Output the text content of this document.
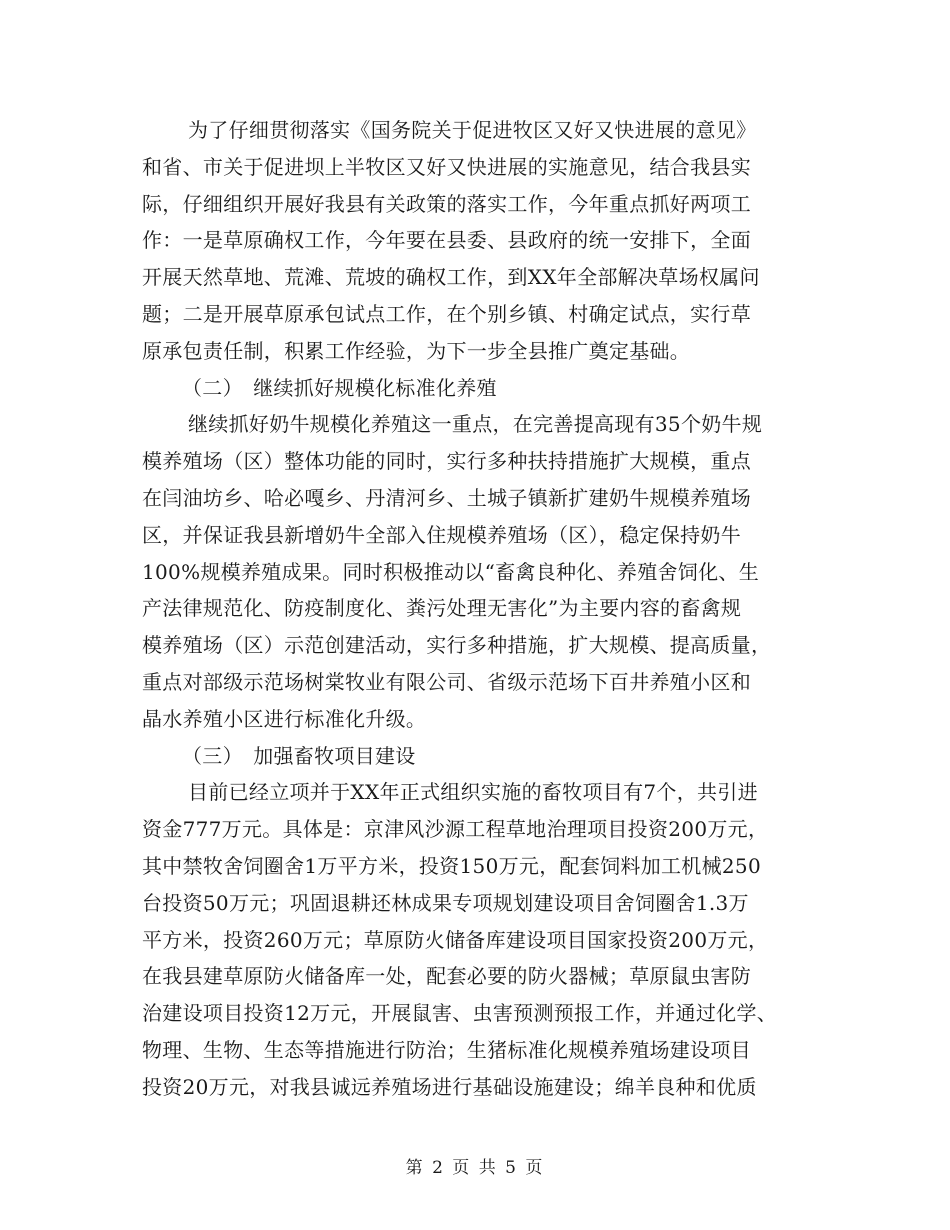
为了仔细贯彻落实《国务院关于促进牧区又好又快进展的意见》
和省、市关于促进坝上半牧区又好又快进展的实施意见，结合我县实
际，仔细组织开展好我县有关政策的落实工作，今年重点抓好两项工
作：一是草原确权工作，今年要在县委、县政府的统一安排下，全面
开展天然草地、荒滩、荒坡的确权工作，到XX年全部解决草场权属问
题；二是开展草原承包试点工作，在个别乡镇、村确定试点，实行草
原承包责任制，积累工作经验，为下一步全县推广奠定基础。
（二）　继续抓好规模化标准化养殖
继续抓好奶牛规模化养殖这一重点，在完善提高现有35个奶牛规
模养殖场（区）整体功能的同时，实行多种扶持措施扩大规模，重点
在闫油坊乡、哈必嘎乡、丹清河乡、土城子镇新扩建奶牛规模养殖场
区，并保证我县新增奶牛全部入住规模养殖场（区），稳定保持奶牛
100%规模养殖成果。同时积极推动以“畜禽良种化、养殖舍饲化、生
产法律规范化、防疫制度化、粪污处理无害化”为主要内容的畜禽规
模养殖场（区）示范创建活动，实行多种措施，扩大规模、提高质量，
重点对部级示范场树棠牧业有限公司、省级示范场下百井养殖小区和
晶水养殖小区进行标准化升级。
（三）　加强畜牧项目建设
目前已经立项并于XX年正式组织实施的畜牧项目有7个，共引进
资金777万元。具体是：京津风沙源工程草地治理项目投资200万元，
其中禁牧舍饲圈舍1万平方米，投资150万元，配套饲料加工机械250
台投资50万元；巩固退耕还林成果专项规划建设项目舍饲圈舍1.3万
平方米，投资260万元；草原防火储备库建设项目国家投资200万元，
在我县建草原防火储备库一处，配套必要的防火器械；草原鼠虫害防
治建设项目投资12万元，开展鼠害、虫害预测预报工作，并通过化学、
物理、生物、生态等措施进行防治；生猪标准化规模养殖场建设项目
投资20万元，对我县诚远养殖场进行基础设施建设；绵羊良种和优质
第 2 页 共 5 页
